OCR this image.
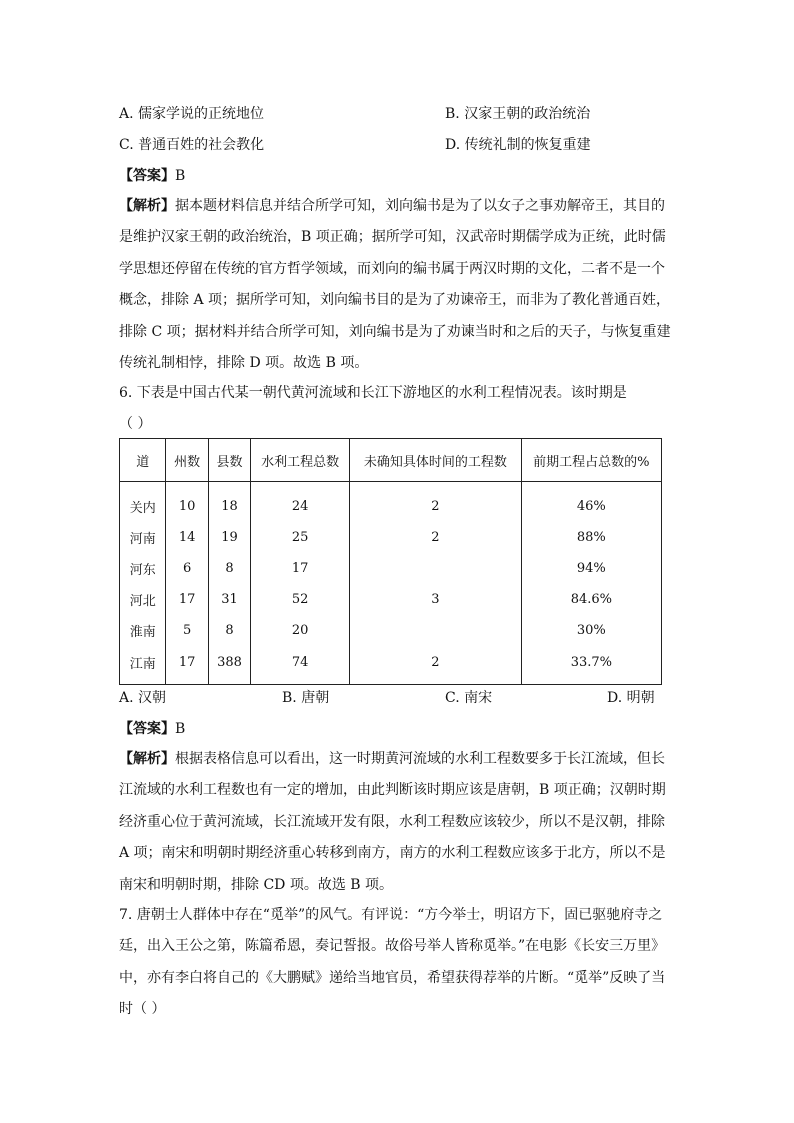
A. 儒家学说的正统地位	B. 汉家王朝的政治统治
C. 普通百姓的社会教化	D. 传统礼制的恢复重建
【答案】B
【解析】据本题材料信息并结合所学可知，刘向编书是为了以女子之事劝解帝王，其目的
是维护汉家王朝的政治统治，B 项正确；据所学可知，汉武帝时期儒学成为正统，此时儒
学思想还停留在传统的官方哲学领域，而刘向的编书属于两汉时期的文化，二者不是一个
概念，排除 A 项；据所学可知，刘向编书目的是为了劝谏帝王，而非为了教化普通百姓，
排除 C 项；据材料并结合所学可知，刘向编书是为了劝谏当时和之后的天子，与恢复重建
传统礼制相悖，排除 D 项。故选 B 项。
6. 下表是中国古代某一朝代黄河流域和长江下游地区的水利工程情况表。该时期是
（ ）
道	州数	县数	水利工程总数	未确知具体时间的工程数	前期工程占总数的%
关内	10	18	24	2	46%
河南	14	19	25	2	88%
河东	6	8	17		94%
河北	17	31	52	3	84.6%
淮南	5	8	20		30%
江南	17	388	74	2	33.7%
A. 汉朝	B. 唐朝	C. 南宋	D. 明朝
【答案】B
【解析】根据表格信息可以看出，这一时期黄河流域的水利工程数要多于长江流域，但长
江流域的水利工程数也有一定的增加，由此判断该时期应该是唐朝，B 项正确；汉朝时期
经济重心位于黄河流域，长江流域开发有限，水利工程数应该较少，所以不是汉朝，排除
A 项；南宋和明朝时期经济重心转移到南方，南方的水利工程数应该多于北方，所以不是
南宋和明朝时期，排除 CD 项。故选 B 项。
7. 唐朝士人群体中存在“觅举”的风气。有评说：“方今举士，明诏方下，固已驱驰府寺之
廷，出入王公之第，陈篇希恩，奏记誓报。故俗号举人皆称觅举。”在电影《长安三万里》
中，亦有李白将自己的《大鹏赋》递给当地官员，希望获得荐举的片断。“觅举”反映了当
时（ ）
